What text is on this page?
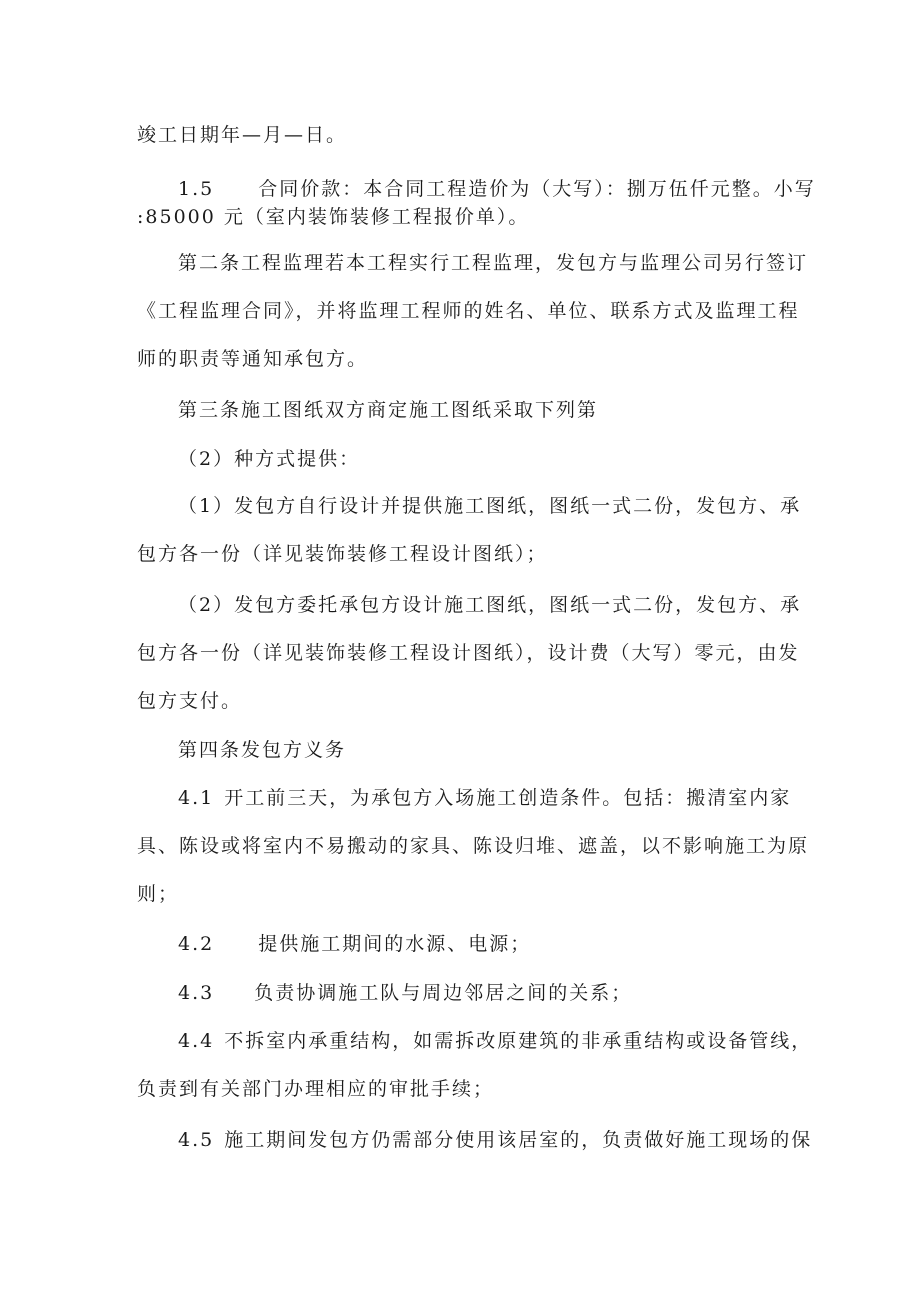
竣工日期年—月—日。
1.5 合同价款：本合同工程造价为（大写）：捌万伍仟元整。小写
:85000 元（室内装饰装修工程报价单）。
第二条工程监理若本工程实行工程监理，发包方与监理公司另行签订
《工程监理合同》，并将监理工程师的姓名、单位、联系方式及监理工程
师的职责等通知承包方。
第三条施工图纸双方商定施工图纸采取下列第
（2）种方式提供：
（1）发包方自行设计并提供施工图纸，图纸一式二份，发包方、承
包方各一份（详见装饰装修工程设计图纸）；
（2）发包方委托承包方设计施工图纸，图纸一式二份，发包方、承
包方各一份（详见装饰装修工程设计图纸），设计费（大写）零元，由发
包方支付。
第四条发包方义务
4.1 开工前三天，为承包方入场施工创造条件。包括：搬清室内家
具、陈设或将室内不易搬动的家具、陈设归堆、遮盖，以不影响施工为原
则；
4.2 提供施工期间的水源、电源；
4.3 负责协调施工队与周边邻居之间的关系；
4.4 不拆室内承重结构，如需拆改原建筑的非承重结构或设备管线，
负责到有关部门办理相应的审批手续；
4.5 施工期间发包方仍需部分使用该居室的，负责做好施工现场的保
